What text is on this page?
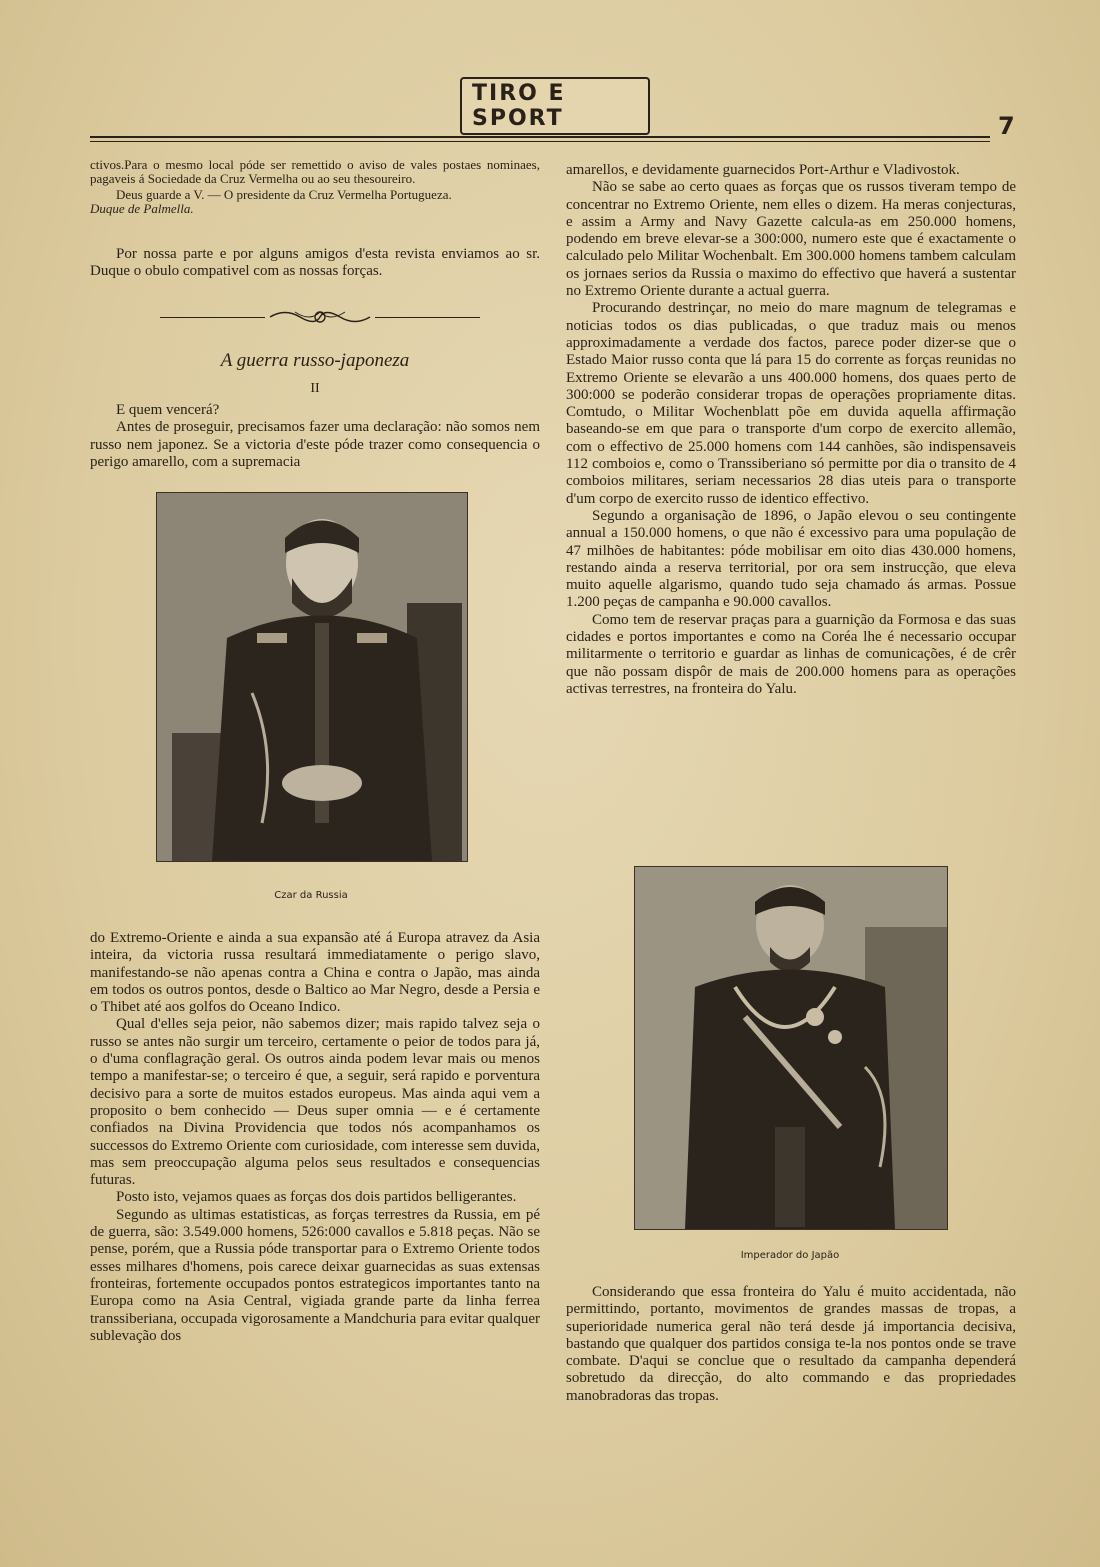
TIRO E SPORT	7

ctivos.Para o mesmo local póde ser remettido o aviso de vales postaes nominaes, pagaveis á Sociedade da Cruz Vermelha ou ao seu thesoureiro.

Deus guarde a V. — O presidente da Cruz Vermelha Portugueza.

Duque de Palmella.

Por nossa parte e por alguns amigos d'esta revista enviamos ao sr. Duque o obulo compativel com as nossas forças.

A guerra russo-japoneza
II

E quem vencerá?

Antes de proseguir, precisamos fazer uma declaração: não somos nem russo nem japonez. Se a victoria d'este póde trazer como consequencia o perigo amarello, com a supremacia

Czar da Russia

do Extremo-Oriente e ainda a sua expansão até á Europa atravez da Asia inteira, da victoria russa resultará immediatamente o perigo slavo, manifestando-se não apenas contra a China e contra o Japão, mas ainda em todos os outros pontos, desde o Baltico ao Mar Negro, desde a Persia e o Thibet até aos golfos do Oceano Indico.

Qual d'elles seja peior, não sabemos dizer; mais rapido talvez seja o russo se antes não surgir um terceiro, certamente o peior de todos para já, o d'uma conflagração geral. Os outros ainda podem levar mais ou menos tempo a manifestar-se; o terceiro é que, a seguir, será rapido e porventura decisivo para a sorte de muitos estados europeus. Mas ainda aqui vem a proposito o bem conhecido — Deus super omnia — e é certamente confiados na Divina Providencia que todos nós acompanhamos os successos do Extremo Oriente com curiosidade, com interesse sem duvida, mas sem preoccupação alguma pelos seus resultados e consequencias futuras.

Posto isto, vejamos quaes as forças dos dois partidos belligerantes.

Segundo as ultimas estatisticas, as forças terrestres da Russia, em pé de guerra, são: 3.549.000 homens, 526:000 cavallos e 5.818 peças. Não se pense, porém, que a Russia póde transportar para o Extremo Oriente todos esses milhares d'homens, pois carece deixar guarnecidas as suas extensas fronteiras, fortemente occupados pontos estrategicos importantes tanto na Europa como na Asia Central, vigiada grande parte da linha ferrea transsiberiana, occupada vigorosamente a Mandchuria para evitar qualquer sublevação dos

amarellos, e devidamente guarnecidos Port-Arthur e Vladivostok.

Não se sabe ao certo quaes as forças que os russos tiveram tempo de concentrar no Extremo Oriente, nem elles o dizem. Ha meras conjecturas, e assim a Army and Navy Gazette calcula-as em 250.000 homens, podendo em breve elevar-se a 300:000, numero este que é exactamente o calculado pelo Militar Wochenbalt. Em 300.000 homens tambem calculam os jornaes serios da Russia o maximo do effectivo que haverá a sustentar no Extremo Oriente durante a actual guerra.

Procurando destrinçar, no meio do mare magnum de telegramas e noticias todos os dias publicadas, o que traduz mais ou menos approximadamente a verdade dos factos, parece poder dizer-se que o Estado Maior russo conta que lá para 15 do corrente as forças reunidas no Extremo Oriente se elevarão a uns 400.000 homens, dos quaes perto de 300:000 se poderão considerar tropas de operações propriamente ditas. Comtudo, o Militar Wochenblatt põe em duvida aquella affirmação baseando-se em que para o transporte d'um corpo de exercito allemão, com o effectivo de 25.000 homens com 144 canhões, são indispensaveis 112 comboios e, como o Transsiberiano só permitte por dia o transito de 4 comboios militares, seriam necessarios 28 dias uteis para o transporte d'um corpo de exercito russo de identico effectivo.

Segundo a organisação de 1896, o Japão elevou o seu contingente annual a 150.000 homens, o que não é excessivo para uma população de 47 milhões de habitantes: póde mobilisar em oito dias 430.000 homens, restando ainda a reserva territorial, por ora sem instrucção, que eleva muito aquelle algarismo, quando tudo seja chamado ás armas. Possue 1.200 peças de campanha e 90.000 cavallos.

Como tem de reservar praças para a guarnição da Formosa e das suas cidades e portos importantes e como na Coréa lhe é necessario occupar militarmente o territorio e guardar as linhas de comunicações, é de crêr que não possam dispôr de mais de 200.000 homens para as operações activas terrestres, na fronteira do Yalu.

Imperador do Japão

Considerando que essa fronteira do Yalu é muito accidentada, não permittindo, portanto, movimentos de grandes massas de tropas, a superioridade numerica geral não terá desde já importancia decisiva, bastando que qualquer dos partidos consiga te-la nos pontos onde se trave combate. D'aqui se conclue que o resultado da campanha dependerá sobretudo da direcção, do alto commando e das propriedades manobradoras das tropas.
